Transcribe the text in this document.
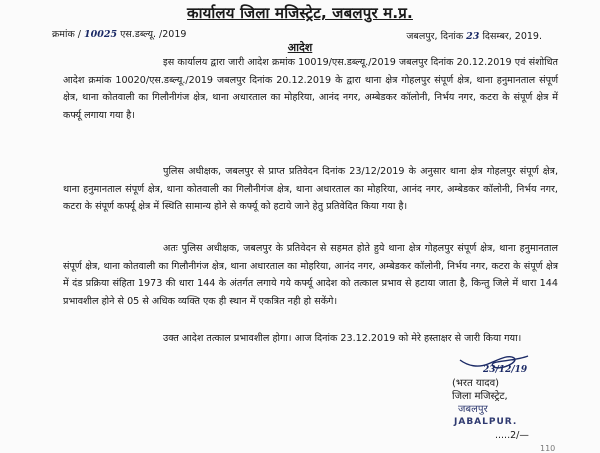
कार्यालय जिला मजिस्ट्रेट, जबलपुर म.प्र.
क्रमांक / 10025 एस.डब्ल्यू. /2019	जबलपुर, दिनांक 23 दिसम्बर, 2019.
आदेश

इस कार्यालय द्वारा जारी आदेश क्रमांक 10019/एस.डब्ल्यू./2019 जबलपुर दिनांक 20.12.2019 एवं संशोधित आदेश क्रमांक 10020/एस.डब्ल्यू./2019 जबलपुर दिनांक 20.12.2019 के द्वारा थाना क्षेत्र गोहलपुर संपूर्ण क्षेत्र, थाना हनुमानताल संपूर्ण क्षेत्र, थाना कोतवाली का गिलौनीगंज क्षेत्र, थाना अधारताल का मोहरिया, आनंद नगर, अम्बेडकर कॉलोनी, निर्भय नगर, कटरा के संपूर्ण क्षेत्र में कर्फ्यू लगाया गया है।

पुलिस अधीक्षक, जबलपुर से प्राप्त प्रतिवेदन दिनांक 23/12/2019 के अनुसार थाना क्षेत्र गोहलपुर संपूर्ण क्षेत्र, थाना हनुमानताल संपूर्ण क्षेत्र, थाना कोतवाली का गिलौनीगंज क्षेत्र, थाना अधारताल का मोहरिया, आनंद नगर, अम्बेडकर कॉलोनी, निर्भय नगर, कटरा के संपूर्ण कर्फ्यू क्षेत्र में स्थिति सामान्य होने से कर्फ्यू को हटाये जाने हेतु प्रतिवेदित किया गया है।

अतः पुलिस अधीक्षक, जबलपुर के प्रतिवेदन से सहमत होते हुये थाना क्षेत्र गोहलपुर संपूर्ण क्षेत्र, थाना हनुमानताल संपूर्ण क्षेत्र, थाना कोतवाली का गिलौनीगंज क्षेत्र, थाना अधारताल का मोहरिया, आनंद नगर, अम्बेडकर कॉलोनी, निर्भय नगर, कटरा के संपूर्ण क्षेत्र में दंड प्रक्रिया संहिता 1973 की धारा 144 के अंतर्गत लगाये गये कर्फ्यू आदेश को तत्काल प्रभाव से हटाया जाता है, किन्तु जिले में धारा 144 प्रभावशील होने से 05 से अधिक व्यक्ति एक ही स्थान में एकत्रित नही हो सकेंगे।

उक्त आदेश तत्काल प्रभावशील होगा। आज दिनांक 23.12.2019 को मेरे हस्ताक्षर से जारी किया गया।

23/12/19
(भरत यादव)
जिला मजिस्ट्रेट,
जबलपुर
JABALPUR.
.....2/—
110
